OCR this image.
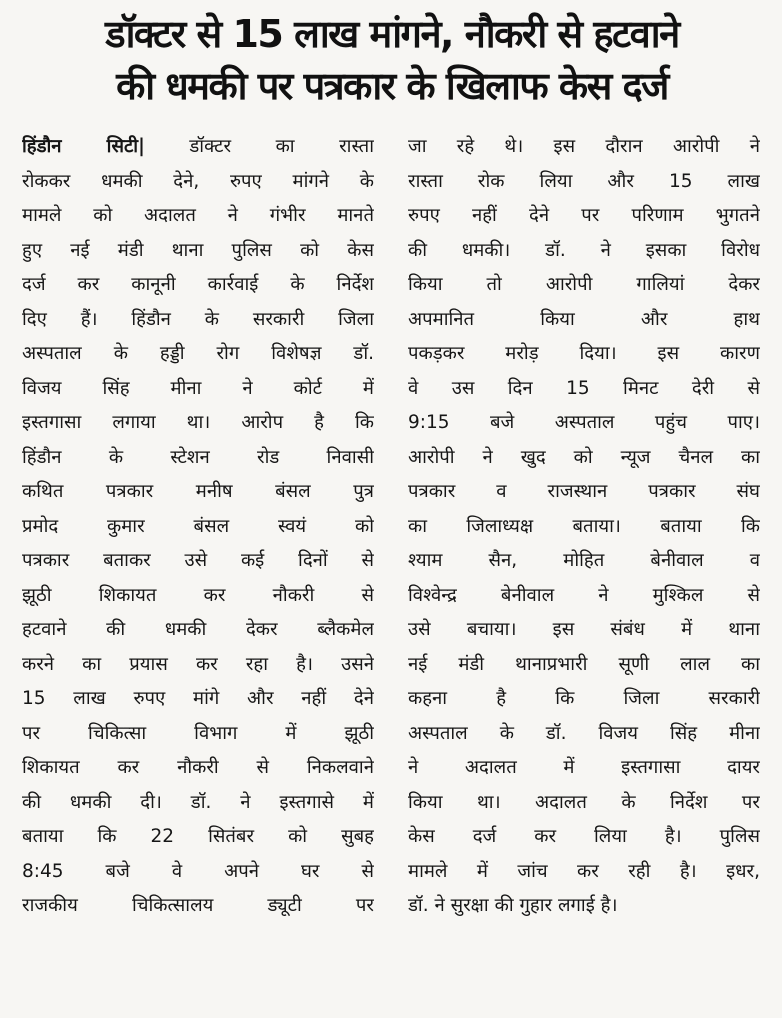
डॉक्टर से 15 लाख मांगने, नौकरी से हटवाने
की धमकी पर पत्रकार के खिलाफ केस दर्ज
हिंडौन सिटी| डॉक्टर का रास्ता
रोककर धमकी देने, रुपए मांगने के
मामले को अदालत ने गंभीर मानते
हुए नई मंडी थाना पुलिस को केस
दर्ज कर कानूनी कार्रवाई के निर्देश
दिए हैं। हिंडौन के सरकारी जिला
अस्पताल के हड्डी रोग विशेषज्ञ डॉ.
विजय सिंह मीना ने कोर्ट में
इस्तगासा लगाया था। आरोप है कि
हिंडौन के स्टेशन रोड निवासी
कथित पत्रकार मनीष बंसल पुत्र
प्रमोद कुमार बंसल स्वयं को
पत्रकार बताकर उसे कई दिनों से
झूठी शिकायत कर नौकरी से
हटवाने की धमकी देकर ब्लैकमेल
करने का प्रयास कर रहा है। उसने
15 लाख रुपए मांगे और नहीं देने
पर चिकित्सा विभाग में झूठी
शिकायत कर नौकरी से निकलवाने
की धमकी दी। डॉ. ने इस्तगासे में
बताया कि 22 सितंबर को सुबह
8:45 बजे वे अपने घर से
राजकीय चिकित्सालय ड्यूटी पर
जा रहे थे। इस दौरान आरोपी ने
रास्ता रोक लिया और 15 लाख
रुपए नहीं देने पर परिणाम भुगतने
की धमकी। डॉ. ने इसका विरोध
किया तो आरोपी गालियां देकर
अपमानित किया और हाथ
पकड़कर मरोड़ दिया। इस कारण
वे उस दिन 15 मिनट देरी से
9:15 बजे अस्पताल पहुंच पाए।
आरोपी ने खुद को न्यूज चैनल का
पत्रकार व राजस्थान पत्रकार संघ
का जिलाध्यक्ष बताया। बताया कि
श्याम सैन, मोहित बेनीवाल व
विश्वेन्द्र बेनीवाल ने मुश्किल से
उसे बचाया। इस संबंध में थाना
नई मंडी थानाप्रभारी सूणी लाल का
कहना है कि जिला सरकारी
अस्पताल के डॉ. विजय सिंह मीना
ने अदालत में इस्तगासा दायर
किया था। अदालत के निर्देश पर
केस दर्ज कर लिया है। पुलिस
मामले में जांच कर रही है। इधर,
डॉ. ने सुरक्षा की गुहार लगाई है।
